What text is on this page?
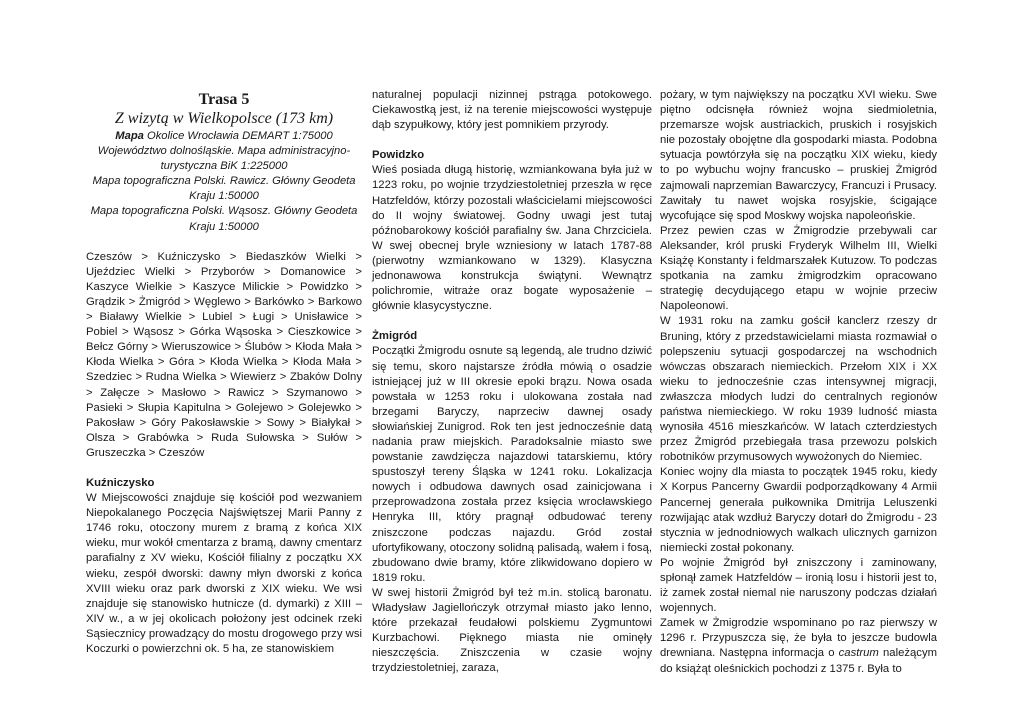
Trasa 5
Z wizytą w Wielkopolsce (173 km)

Mapa Okolice Wrocławia DEMART 1:75000

Województwo dolnośląskie. Mapa administracyjno-turystyczna BiK 1:225000

Mapa topograficzna Polski. Rawicz. Główny Geodeta Kraju 1:50000

Mapa topograficzna Polski. Wąsosz. Główny Geodeta Kraju 1:50000

Czeszów > Kuźniczysko > Biedaszków Wielki > Ujeździec Wielki > Przyborów > Domanowice > Kaszyce Wielkie > Kaszyce Milickie > Powidzko > Grądzik > Żmigród > Węglewo > Barkówko > Barkowo > Białawy Wielkie > Lubiel > Ługi > Unisławice > Pobiel > Wąsosz > Górka Wąsoska > Cieszkowice > Bełcz Górny > Wieruszowice > Ślubów > Kłoda Mała > Kłoda Wielka > Góra > Kłoda Wielka > Kłoda Mała > Szedziec > Rudna Wielka > Wiewierz > Zbaków Dolny > Załęcze > Masłowo > Rawicz > Szymanowo > Pasieki > Słupia Kapitulna > Golejewo > Golejewko > Pakosław > Góry Pakosławskie > Sowy > Białykał > Olsza > Grabówka > Ruda Sułowska > Sułów > Gruszeczka > Czeszów

Kuźniczysko

W Miejscowości znajduje się kościół pod wezwaniem Niepokalanego Poczęcia Najświętszej Marii Panny z 1746 roku, otoczony murem z bramą z końca XIX wieku, mur wokół cmentarza z bramą, dawny cmentarz parafialny z XV wieku, Kościół filialny z początku XX wieku, zespół dworski: dawny młyn dworski z końca XVIII wieku oraz park dworski z XIX wieku. We wsi znajduje się stanowisko hutnicze (d. dymarki) z XIII – XIV w., a w jej okolicach położony jest odcinek rzeki Sąsiecznicy prowadzący do mostu drogowego przy wsi Koczurki o powierzchni ok. 5 ha, ze stanowiskiem

naturalnej populacji nizinnej pstrąga potokowego. Ciekawostką jest, iż na terenie miejscowości występuje dąb szypułkowy, który jest pomnikiem przyrody.

Powidzko

Wieś posiada długą historię, wzmiankowana była już w 1223 roku, po wojnie trzydziestoletniej przeszła w ręce Hatzfeldów, którzy pozostali właścicielami miejscowości do II wojny światowej. Godny uwagi jest tutaj późnobarokowy kościół parafialny św. Jana Chrzciciela. W swej obecnej bryle wzniesiony w latach 1787-88 (pierwotny wzmiankowano w 1329). Klasyczna jednonawowa konstrukcja świątyni. Wewnątrz polichromie, witraże oraz bogate wyposażenie – głównie klasycystyczne.

Żmigród

Początki Żmigrodu osnute są legendą, ale trudno dziwić się temu, skoro najstarsze źródła mówią o osadzie istniejącej już w III okresie epoki brązu. Nowa osada powstała w 1253 roku i ulokowana została nad brzegami Baryczy, naprzeciw dawnej osady słowiańskiej Zunigrod. Rok ten jest jednocześnie datą nadania praw miejskich. Paradoksalnie miasto swe powstanie zawdzięcza najazdowi tatarskiemu, który spustoszył tereny Śląska w 1241 roku. Lokalizacja nowych i odbudowa dawnych osad zainicjowana i przeprowadzona została przez księcia wrocławskiego Henryka III, który pragnął odbudować tereny zniszczone podczas najazdu. Gród został ufortyfikowany, otoczony solidną palisadą, wałem i fosą, zbudowano dwie bramy, które zlikwidowano dopiero w 1819 roku.

W swej historii Żmigród był też m.in. stolicą baronatu. Władysław Jagiellończyk otrzymał miasto jako lenno, które przekazał feudałowi polskiemu Zygmuntowi Kurzbachowi. Pięknego miasta nie ominęły nieszczęścia. Zniszczenia w czasie wojny trzydziestoletniej, zaraza,

pożary, w tym największy na początku XVI wieku. Swe piętno odcisnęła również wojna siedmioletnia, przemarsze wojsk austriackich, pruskich i rosyjskich nie pozostały obojętne dla gospodarki miasta. Podobna sytuacja powtórzyła się na początku XIX wieku, kiedy to po wybuchu wojny francusko – pruskiej Żmigród zajmowali naprzemian Bawarczycy, Francuzi i Prusacy. Zawitały tu nawet wojska rosyjskie, ścigające wycofujące się spod Moskwy wojska napoleońskie.

Przez pewien czas w Żmigrodzie przebywali car Aleksander, król pruski Fryderyk Wilhelm III, Wielki Książę Konstanty i feldmarszałek Kutuzow. To podczas spotkania na zamku żmigrodzkim opracowano strategię decydującego etapu w wojnie przeciw Napoleonowi.

W 1931 roku na zamku gościł kanclerz rzeszy dr Bruning, który z przedstawicielami miasta rozmawiał o polepszeniu sytuacji gospodarczej na wschodnich wówczas obszarach niemieckich. Przełom XIX i XX wieku to jednocześnie czas intensywnej migracji, zwłaszcza młodych ludzi do centralnych regionów państwa niemieckiego. W roku 1939 ludność miasta wynosiła 4516 mieszkańców. W latach czterdziestych przez Żmigród przebiegała trasa przewozu polskich robotników przymusowych wywożonych do Niemiec.

Koniec wojny dla miasta to początek 1945 roku, kiedy X Korpus Pancerny Gwardii podporządkowany 4 Armii Pancernej generała pułkownika Dmitrija Leluszenki rozwijając atak wzdłuż Baryczy dotarł do Żmigrodu - 23 stycznia w jednodniowych walkach ulicznych garnizon niemiecki został pokonany.

Po wojnie Żmigród był zniszczony i zaminowany, spłonął zamek Hatzfeldów – ironią losu i historii jest to, iż zamek został niemal nie naruszony podczas działań wojennych.

Zamek w Żmigrodzie wspominano po raz pierwszy w 1296 r. Przypuszcza się, że była to jeszcze budowla drewniana. Następna informacja o castrum należącym do książąt oleśnickich pochodzi z 1375 r. Była to
